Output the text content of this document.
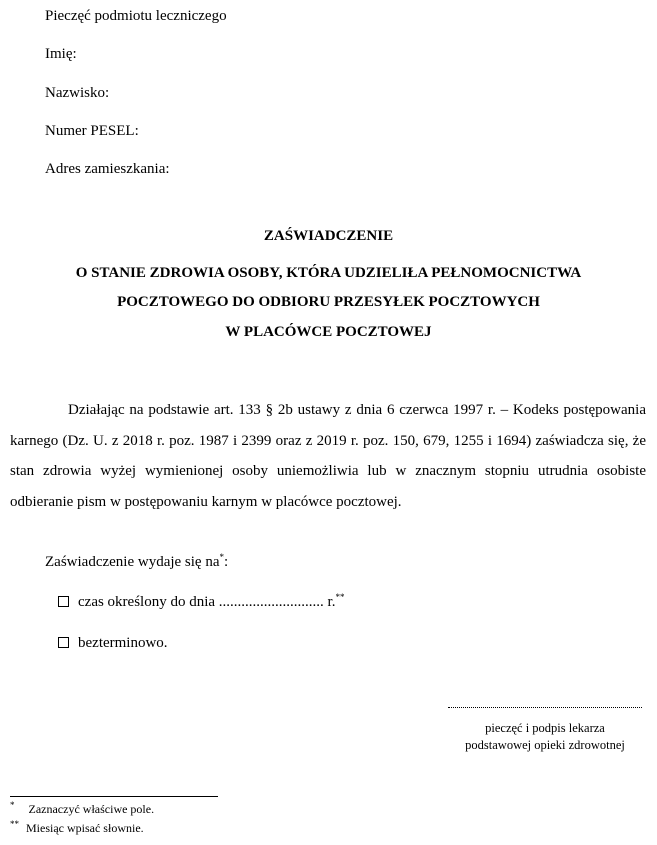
Pieczęć podmiotu leczniczego
Imię:
Nazwisko:
Numer PESEL:
Adres zamieszkania:
ZAŚWIADCZENIE
O STANIE ZDROWIA OSOBY, KTÓRA UDZIELIŁA PEŁNOMOCNICTWA
POCZTOWEGO DO ODBIORU PRZESYŁEK POCZTOWYCH
W PLACÓWCE POCZTOWEJ

Działając na podstawie art. 133 § 2b ustawy z dnia 6 czerwca 1997 r. – Kodeks postępowania karnego (Dz. U. z 2018 r. poz. 1987 i 2399 oraz z 2019 r. poz. 150, 679, 1255 i 1694) zaświadcza się, że stan zdrowia wyżej wymienionej osoby uniemożliwia lub w znacznym stopniu utrudnia osobiste odbieranie pism w postępowaniu karnym w placówce pocztowej.

Zaświadczenie wydaje się na*:
czas określony do dnia ............................ r.**
bezterminowo.
pieczęć i podpis lekarza
podstawowej opieki zdrowotnej
* Zaznaczyć właściwe pole.
** Miesiąc wpisać słownie.
